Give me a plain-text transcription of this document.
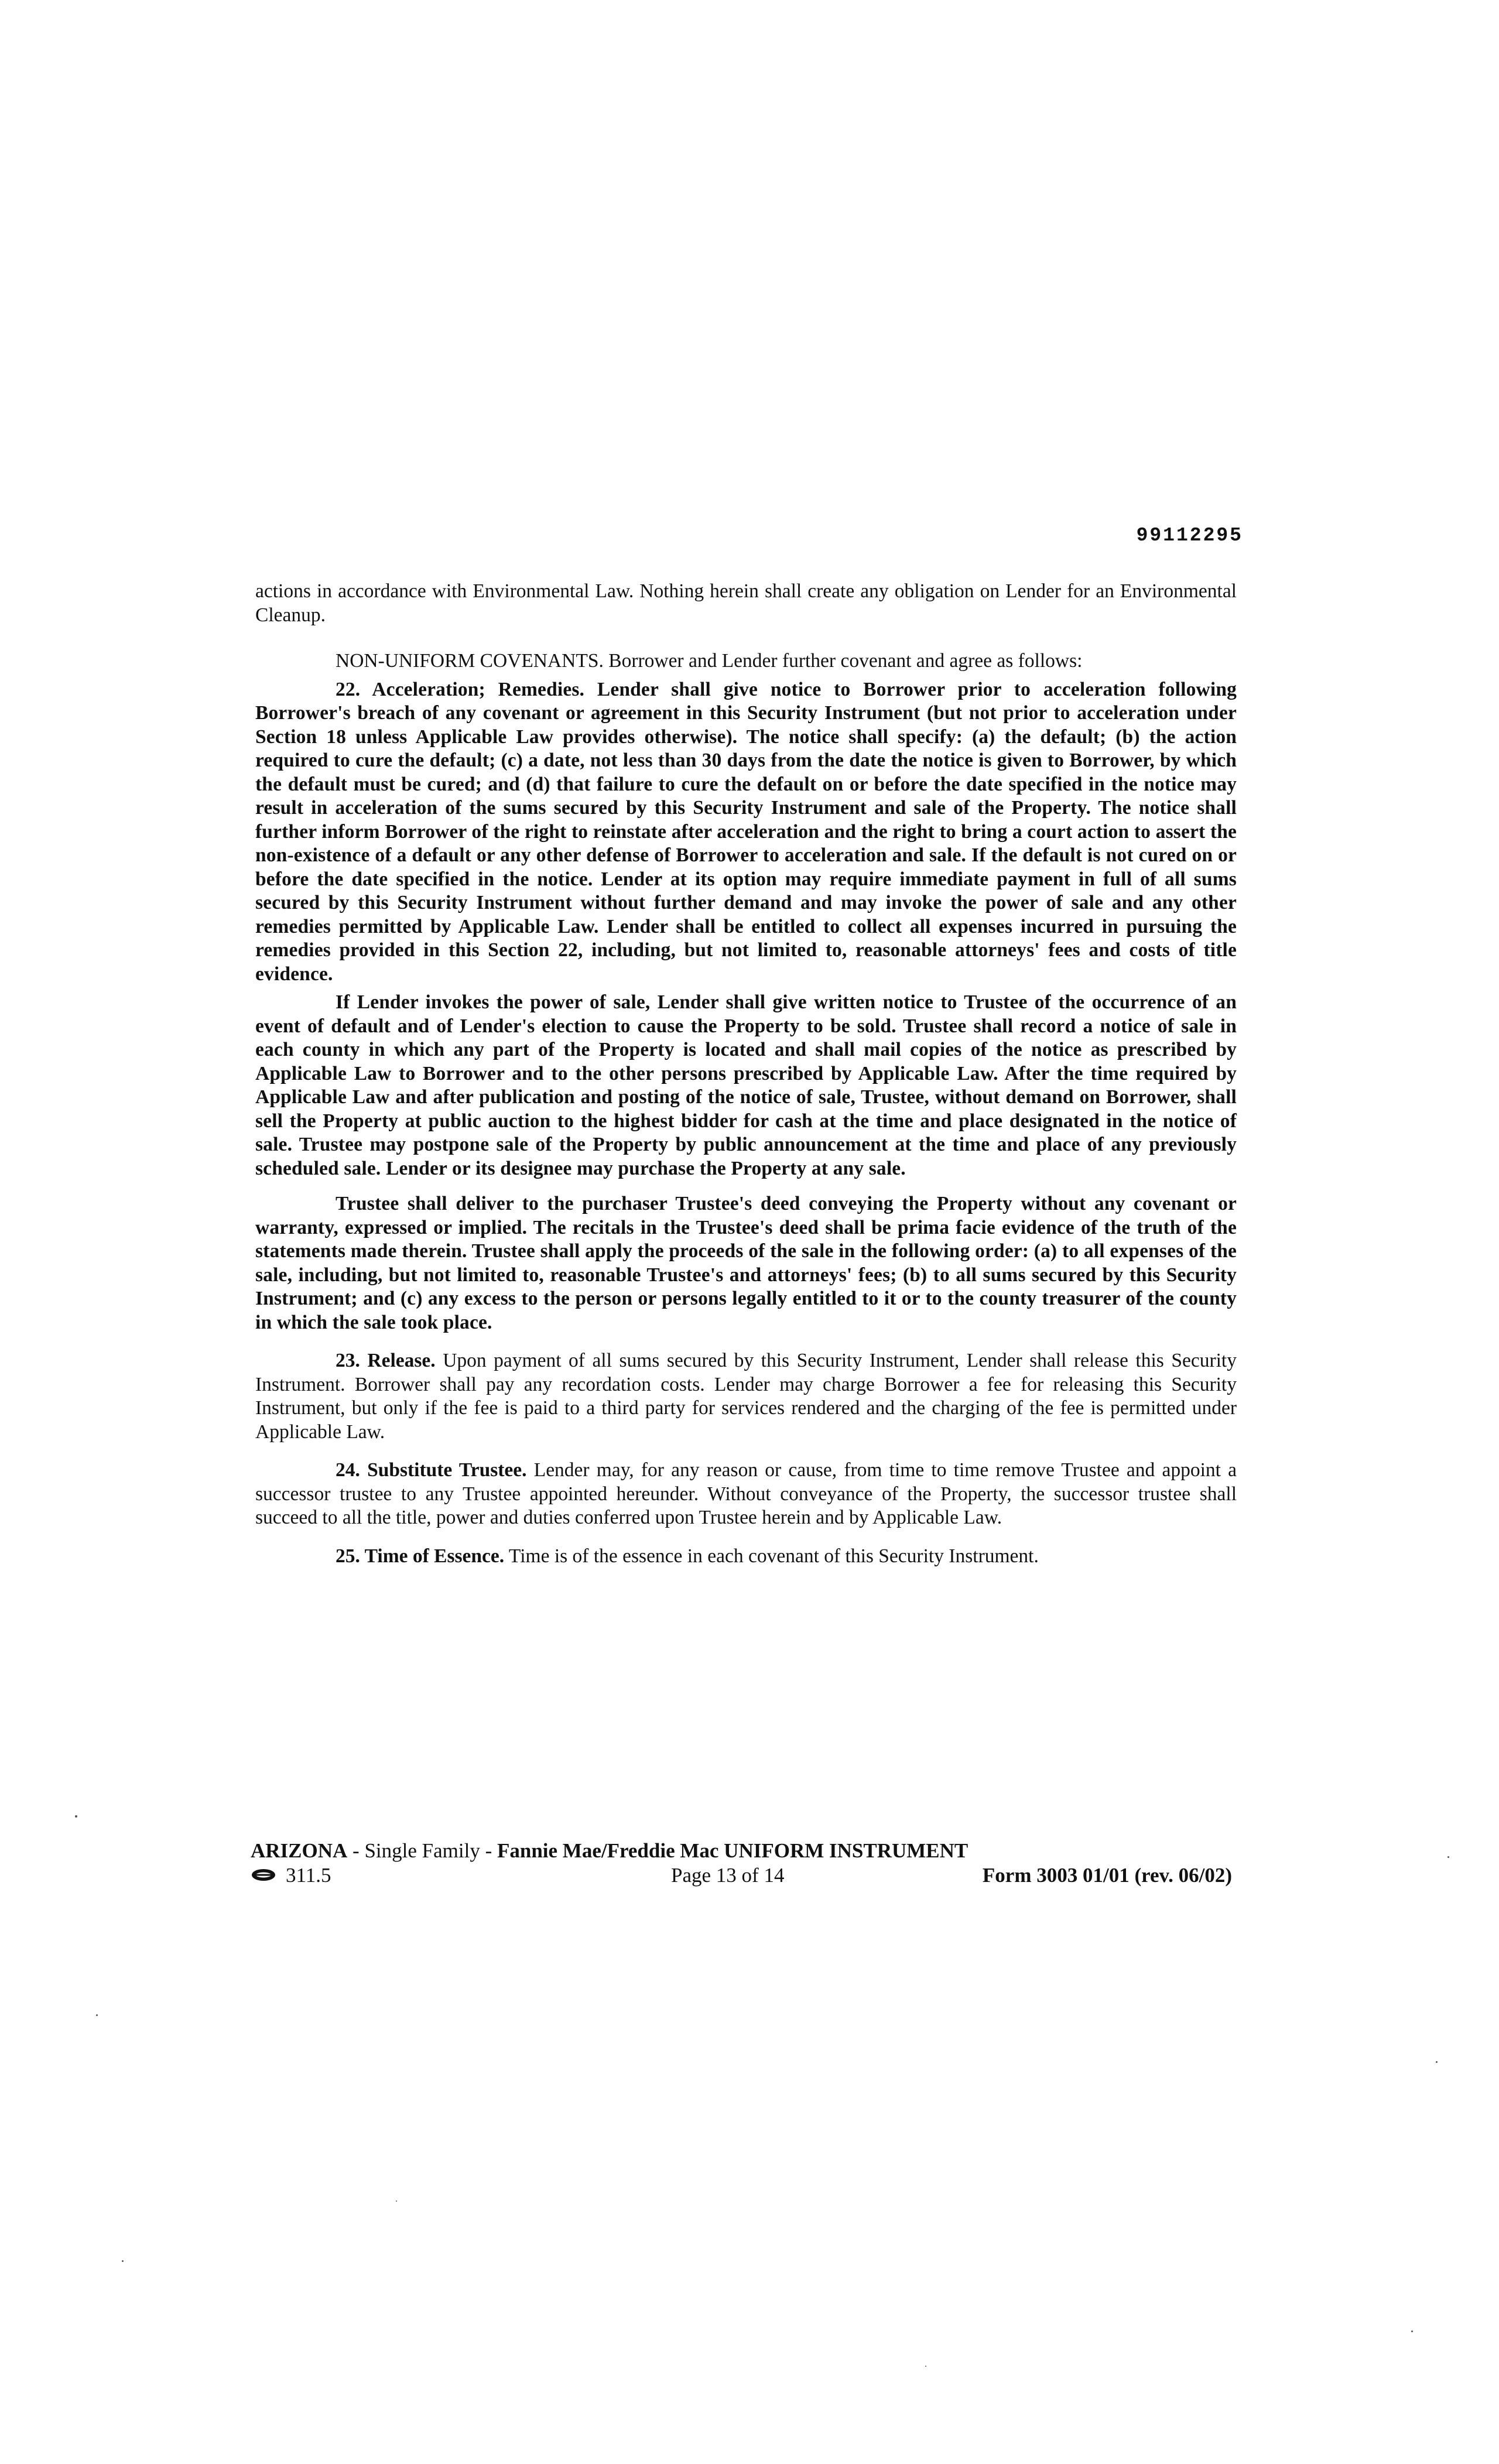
99112295

actions in accordance with Environmental Law. Nothing herein shall create any obligation on Lender for an Environmental Cleanup.

NON-UNIFORM COVENANTS. Borrower and Lender further covenant and agree as follows:

22. Acceleration; Remedies. Lender shall give notice to Borrower prior to acceleration following Borrower's breach of any covenant or agreement in this Security Instrument (but not prior to acceleration under Section 18 unless Applicable Law provides otherwise). The notice shall specify: (a) the default; (b) the action required to cure the default; (c) a date, not less than 30 days from the date the notice is given to Borrower, by which the default must be cured; and (d) that failure to cure the default on or before the date specified in the notice may result in acceleration of the sums secured by this Security Instrument and sale of the Property. The notice shall further inform Borrower of the right to reinstate after acceleration and the right to bring a court action to assert the non-existence of a default or any other defense of Borrower to acceleration and sale. If the default is not cured on or before the date specified in the notice. Lender at its option may require immediate payment in full of all sums secured by this Security Instrument without further demand and may invoke the power of sale and any other remedies permitted by Applicable Law. Lender shall be entitled to collect all expenses incurred in pursuing the remedies provided in this Section 22, including, but not limited to, reasonable attorneys' fees and costs of title evidence.

If Lender invokes the power of sale, Lender shall give written notice to Trustee of the occurrence of an event of default and of Lender's election to cause the Property to be sold. Trustee shall record a notice of sale in each county in which any part of the Property is located and shall mail copies of the notice as prescribed by Applicable Law to Borrower and to the other persons prescribed by Applicable Law. After the time required by Applicable Law and after publication and posting of the notice of sale, Trustee, without demand on Borrower, shall sell the Property at public auction to the highest bidder for cash at the time and place designated in the notice of sale. Trustee may postpone sale of the Property by public announcement at the time and place of any previously scheduled sale. Lender or its designee may purchase the Property at any sale.

Trustee shall deliver to the purchaser Trustee's deed conveying the Property without any covenant or warranty, expressed or implied. The recitals in the Trustee's deed shall be prima facie evidence of the truth of the statements made therein. Trustee shall apply the proceeds of the sale in the following order: (a) to all expenses of the sale, including, but not limited to, reasonable Trustee's and attorneys' fees; (b) to all sums secured by this Security Instrument; and (c) any excess to the person or persons legally entitled to it or to the county treasurer of the county in which the sale took place.

23. Release. Upon payment of all sums secured by this Security Instrument, Lender shall release this Security Instrument. Borrower shall pay any recordation costs. Lender may charge Borrower a fee for releasing this Security Instrument, but only if the fee is paid to a third party for services rendered and the charging of the fee is permitted under Applicable Law.

24. Substitute Trustee. Lender may, for any reason or cause, from time to time remove Trustee and appoint a successor trustee to any Trustee appointed hereunder. Without conveyance of the Property, the successor trustee shall succeed to all the title, power and duties conferred upon Trustee herein and by Applicable Law.

25. Time of Essence. Time is of the essence in each covenant of this Security Instrument.

ARIZONA - Single Family - Fannie Mae/Freddie Mac UNIFORM INSTRUMENT
311.5	Page 13 of 14	Form 3003 01/01 (rev. 06/02)
